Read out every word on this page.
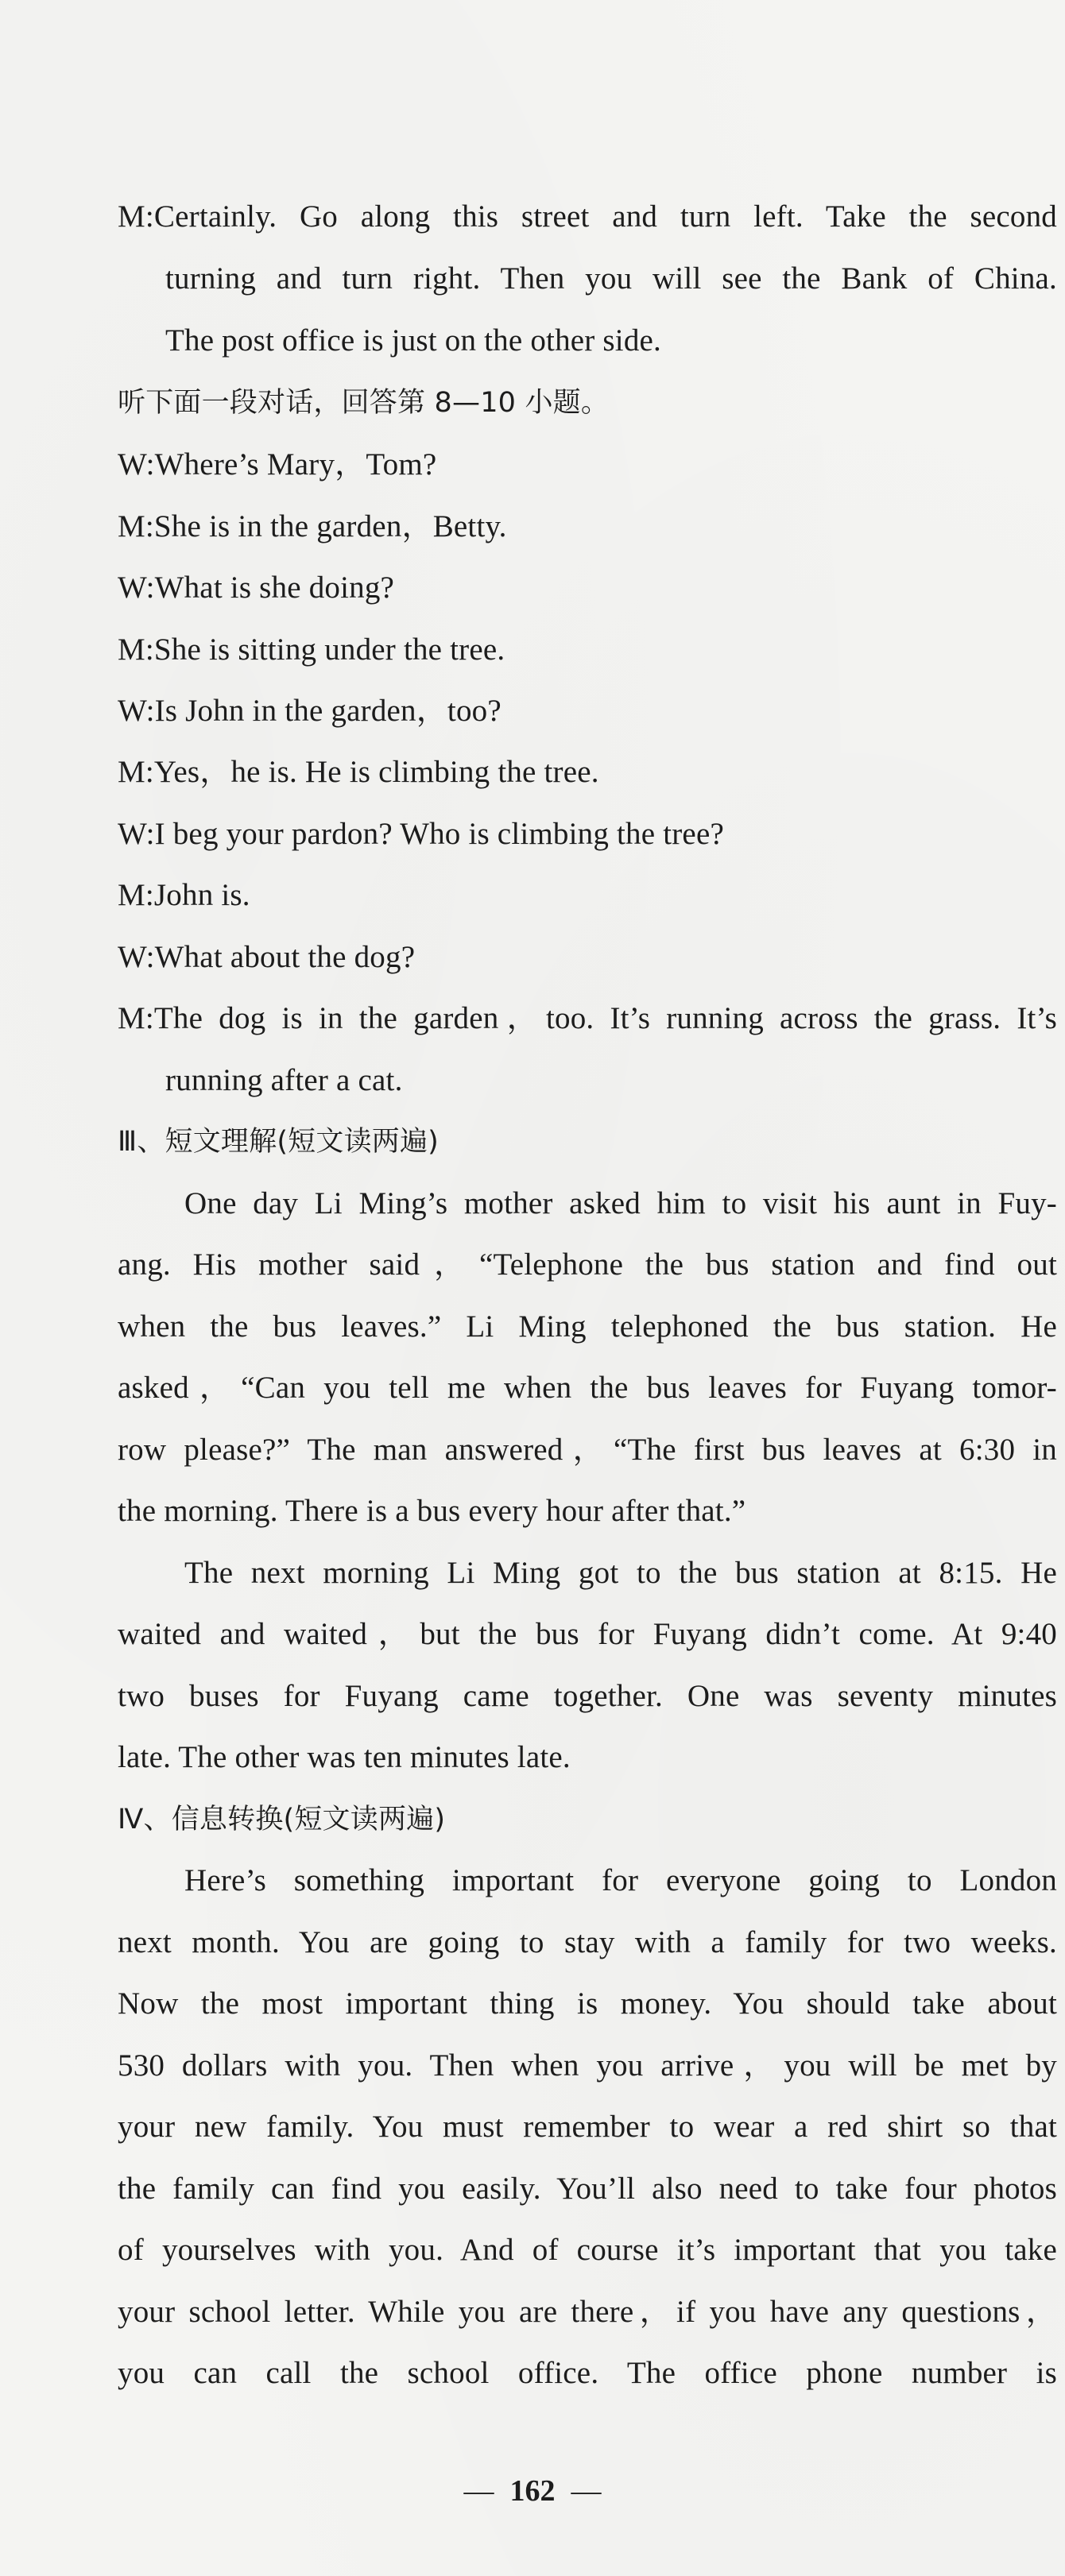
M:Certainly. Go along this street and turn left. Take the second
turning and turn right. Then you will see the Bank of China.
The post office is just on the other side.
听下面一段对话，回答第 8—10 小题。
W:Where’s Mary，Tom?
M:She is in the garden，Betty.
W:What is she doing?
M:She is sitting under the tree.
W:Is John in the garden，too?
M:Yes，he is. He is climbing the tree.
W:I beg your pardon? Who is climbing the tree?
M:John is.
W:What about the dog?
M:The dog is in the garden，too. It’s running across the grass. It’s
running after a cat.
Ⅲ、短文理解(短文读两遍)
One day Li Ming’s mother asked him to visit his aunt in Fuy-
ang. His mother said，“Telephone the bus station and find out
when the bus leaves.” Li Ming telephoned the bus station. He
asked，“Can you tell me when the bus leaves for Fuyang tomor-
row please?” The man answered，“The first bus leaves at 6:30 in
the morning. There is a bus every hour after that.”
The next morning Li Ming got to the bus station at 8:15. He
waited and waited，but the bus for Fuyang didn’t come. At 9:40
two buses for Fuyang came together. One was seventy minutes
late. The other was ten minutes late.
Ⅳ、信息转换(短文读两遍)
Here’s something important for everyone going to London
next month. You are going to stay with a family for two weeks.
Now the most important thing is money. You should take about
530 dollars with you. Then when you arrive，you will be met by
your new family. You must remember to wear a red shirt so that
the family can find you easily. You’ll also need to take four photos
of yourselves with you. And of course it’s important that you take
your school letter. While you are there，if you have any questions，
you can call the school office. The office phone number is
— 162 —
